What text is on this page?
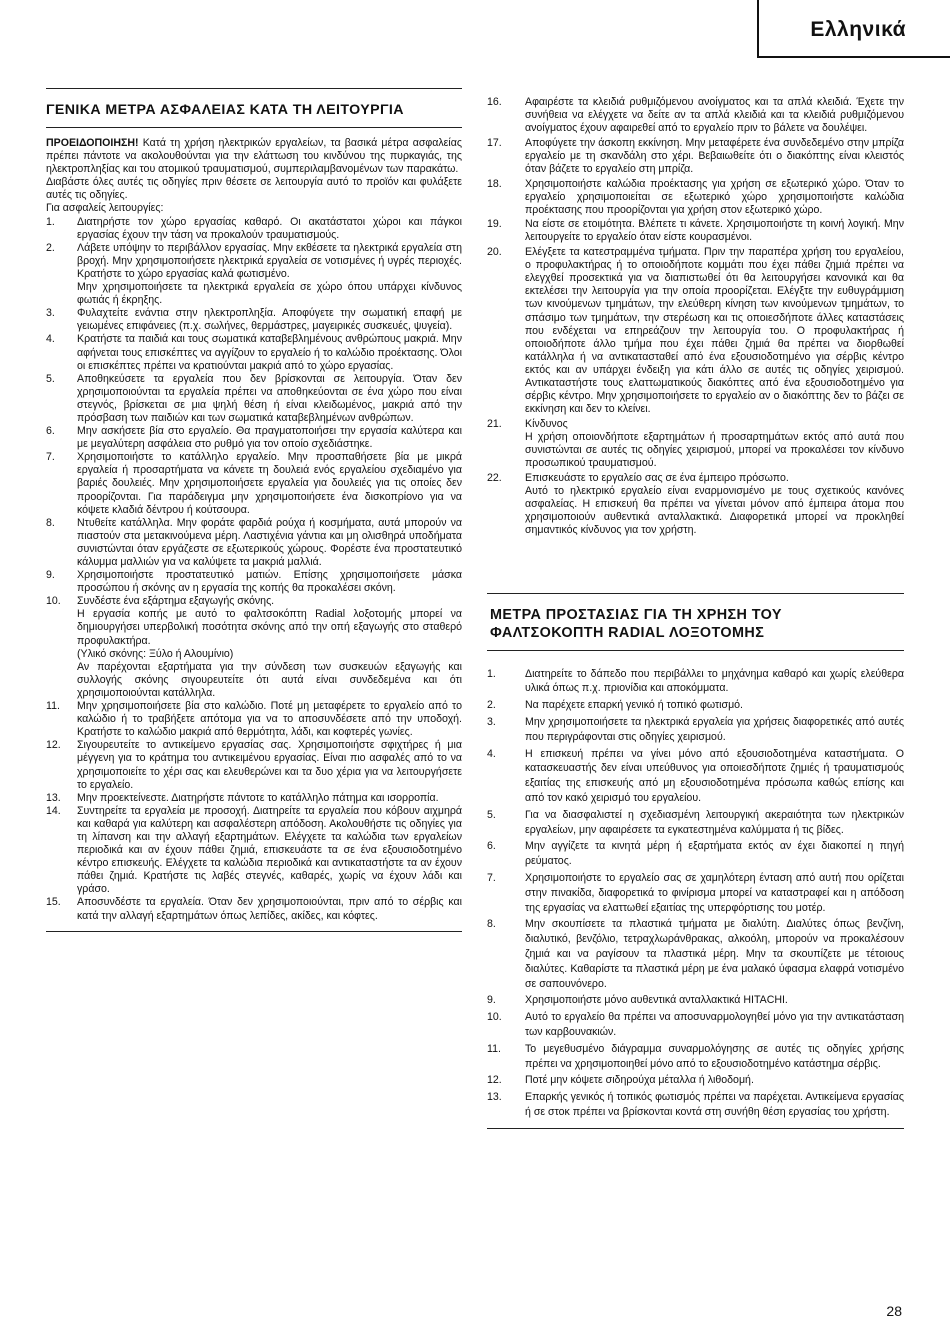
Ελληνικά
ΓΕΝΙΚΑ ΜΕΤΡΑ ΑΣΦΑΛΕΙΑΣ ΚΑΤΑ ΤΗ ΛΕΙΤΟΥΡΓΙΑ

ΠΡΟΕΙΔΟΠΟΙΗΣΗ! Κατά τη χρήση ηλεκτρικών εργαλείων, τα βασικά μέτρα ασφαλείας πρέπει πάντοτε να ακολουθούνται για την ελάττωση του κινδύνου της πυρκαγιάς, της ηλεκτροπληξίας και του ατομικού τραυματισμού, συμπεριλαμβανομένων των παρακάτω.

Διαβάστε όλες αυτές τις οδηγίες πριν θέσετε σε λειτουργία αυτό το προϊόν και φυλάξετε αυτές τις οδηγίες.

Για ασφαλείς λειτουργίες:

1.	Διατηρήστε τον χώρο εργασίας καθαρό. Οι ακατάστατοι χώροι και πάγκοι εργασίας έχουν την τάση να προκαλούν τραυματισμούς.
2.	Λάβετε υπόψην το περιβάλλον εργασίας. Μην εκθέσετε τα ηλεκτρικά εργαλεία στη βροχή. Μην χρησιμοποιήσετε ηλεκτρικά εργαλεία σε νοτισμένες ή υγρές περιοχές. Κρατήστε το χώρο εργασίας καλά φωτισμένο.
Μην χρησιμοποιήσετε τα ηλεκτρικά εργαλεία σε χώρο όπου υπάρχει κίνδυνος φωτιάς ή έκρηξης.
3.	Φυλαχτείτε ενάντια στην ηλεκτροπληξία. Αποφύγετε την σωματική επαφή με γειωμένες επιφάνειες (π.χ. σωλήνες, θερμάστρες, μαγειρικές συσκευές, ψυγεία).
4.	Κρατήστε τα παιδιά και τους σωματικά καταβεβλημένους ανθρώπους μακριά. Μην αφήνεται τους επισκέπτες να αγγίζουν το εργαλείο ή το καλώδιο προέκτασης. Όλοι οι επισκέπτες πρέπει να κρατιούνται μακριά από το χώρο εργασίας.
5.	Αποθηκεύσετε τα εργαλεία που δεν βρίσκονται σε λειτουργία. Όταν δεν χρησιμοποιούνται τα εργαλεία πρέπει να αποθηκεύονται σε ένα χώρο που είναι στεγνός, βρίσκεται σε μια ψηλή θέση ή είναι κλειδωμένος, μακριά από την πρόσβαση των παιδιών και των σωματικά καταβεβλημένων ανθρώπων.
6.	Μην ασκήσετε βία στο εργαλείο. Θα πραγματοποιήσει την εργασία καλύτερα και με μεγαλύτερη ασφάλεια στο ρυθμό για τον οποίο σχεδιάστηκε.
7.	Χρησιμοποιήστε το κατάλληλο εργαλείο. Μην προσπαθήσετε βία με μικρά εργαλεία ή προσαρτήματα να κάνετε τη δουλειά ενός εργαλείου σχεδιαμένο για βαριές δουλειές. Μην χρησιμοποιήσετε εργαλεία για δουλειές για τις οποίες δεν προορίζονται. Για παράδειγμα μην χρησιμοποιήσετε ένα δισκοπρίονο για να κόψετε κλαδιά δέντρου ή κούτσουρα.
8.	Ντυθείτε κατάλληλα. Μην φοράτε φαρδιά ρούχα ή κοσμήματα, αυτά μπορούν να πιαστούν στα μετακινούμενα μέρη. Λαστιχένια γάντια και μη ολισθηρά υποδήματα συνιστώνται όταν εργάζεστε σε εξωτερικούς χώρους. Φορέστε ένα προστατευτικό κάλυμμα μαλλιών για να καλύψετε τα μακριά μαλλιά.
9.	Χρησιμοποιήστε προστατευτικό ματιών. Επίσης χρησιμοποιήσετε μάσκα προσώπου ή σκόνης αν η εργασία της κοπής θα προκαλέσει σκόνη.
10.	Συνδέστε ένα εξάρτημα εξαγωγής σκόνης.
Η εργασία κοπής με αυτό το φαλτσοκόπτη Radial λοξοτομής μπορεί να δημιουργήσει υπερβολική ποσότητα σκόνης από την οπή εξαγωγής στο σταθερό προφυλακτήρα.
(Υλικό σκόνης: Ξύλο ή Αλουμίνιο)
Αν παρέχονται εξαρτήματα για την σύνδεση των συσκευών εξαγωγής και συλλογής σκόνης σιγουρευτείτε ότι αυτά είναι συνδεδεμένα και ότι χρησιμοποιούνται κατάλληλα.
11.	Μην χρησιμοποιήσετε βία στο καλώδιο. Ποτέ μη μεταφέρετε το εργαλείο από το καλώδιο ή το τραβήξετε απότομα για να το αποσυνδέσετε από την υποδοχή. Κρατήστε το καλώδιο μακριά από θερμότητα, λάδι, και κοφτερές γωνίες.
12.	Σιγουρευτείτε το αντικείμενο εργασίας σας. Χρησιμοποιήστε σφιχτήρες ή μια μέγγενη για το κράτημα του αντικειμένου εργασίας. Είναι πιο ασφαλές από το να χρησιμοποιείτε το χέρι σας και ελευθερώνει και τα δυο χέρια για να λειτουργήσετε το εργαλείο.
13.	Μην προεκτείνεστε. Διατηρήστε πάντοτε το κατάλληλο πάτημα και ισορροπία.
14.	Συντηρείτε τα εργαλεία με προσοχή. Διατηρείτε τα εργαλεία που κόβουν αιχμηρά και καθαρά για καλύτερη και ασφαλέστερη απόδοση. Ακολουθήστε τις οδηγίες για τη λίπανση και την αλλαγή εξαρτημάτων. Ελέγχετε τα καλώδια των εργαλείων περιοδικά και αν έχουν πάθει ζημιά, επισκευάστε τα σε ένα εξουσιοδοτημένο κέντρο επισκευής. Ελέγχετε τα καλώδια περιοδικά και αντικαταστήστε τα αν έχουν πάθει ζημιά. Κρατήστε τις λαβές στεγνές, καθαρές, χωρίς να έχουν λάδι και γράσο.
15.	Αποσυνδέστε τα εργαλεία. Όταν δεν χρησιμοποιούνται, πριν από το σέρβις και κατά την αλλαγή εξαρτημάτων όπως λεπίδες, ακίδες, και κόφτες.
16.	Αφαιρέστε τα κλειδιά ρυθμιζόμενου ανοίγματος και τα απλά κλειδιά. Έχετε την συνήθεια να ελέγχετε να δείτε αν τα απλά κλειδιά και τα κλειδιά ρυθμιζόμενου ανοίγματος έχουν αφαιρεθεί από το εργαλείο πριν το βάλετε να δουλέψει.
17.	Αποφύγετε την άσκοπη εκκίνηση. Μην μεταφέρετε ένα συνδεδεμένο στην μπρίζα εργαλείο με τη σκανδάλη στο χέρι. Βεβαιωθείτε ότι ο διακόπτης είναι κλειστός όταν βάζετε το εργαλείο στη μπρίζα.
18.	Χρησιμοποιήστε καλώδια προέκτασης για χρήση σε εξωτερικό χώρο. Όταν το εργαλείο χρησιμοποιείται σε εξωτερικό χώρο χρησιμοποιήστε καλώδια προέκτασης που προορίζονται για χρήση στον εξωτερικό χώρο.
19.	Να είστε σε ετοιμότητα. Βλέπετε τι κάνετε. Χρησιμοποιήστε τη κοινή λογική. Μην λειτουργείτε το εργαλείο όταν είστε κουρασμένοι.
20.	Ελέγξετε τα κατεστραμμένα τμήματα. Πριν την παραπέρα χρήση του εργαλείου, ο προφυλακτήρας ή το οποιοδήποτε κομμάτι που έχει πάθει ζημιά πρέπει να ελεγχθεί προσεκτικά για να διαπιστωθεί ότι θα λειτουργήσει κανονικά και θα εκτελέσει την λειτουργία για την οποία προορίζεται. Ελέγξτε την ευθυγράμμιση των κινούμενων τμημάτων, την ελεύθερη κίνηση των κινούμενων τμημάτων, το σπάσιμο των τμημάτων, την στερέωση και τις οποιεσδήποτε άλλες καταστάσεις που ενδέχεται να επηρεάζουν την λειτουργία του. Ο προφυλακτήρας ή οποιοδήποτε άλλο τμήμα που έχει πάθει ζημιά θα πρέπει να διορθωθεί κατάλληλα ή να αντικατασταθεί από ένα εξουσιοδοτημένο για σέρβις κέντρο εκτός και αν υπάρχει ένδειξη για κάτι άλλο σε αυτές τις οδηγίες χειρισμού. Αντικαταστήστε τους ελαττωματικούς διακόπτες από ένα εξουσιοδοτημένο για σέρβις κέντρο. Μην χρησιμοποιήσετε το εργαλείο αν ο διακόπτης δεν το βάζει σε εκκίνηση και δεν το κλείνει.
21.	Κίνδυνος
Η χρήση οποιονδήποτε εξαρτημάτων ή προσαρτημάτων εκτός από αυτά που συνιστώνται σε αυτές τις οδηγίες χειρισμού, μπορεί να προκαλέσει τον κίνδυνο προσωπικού τραυματισμού.
22.	Επισκευάστε το εργαλείο σας σε ένα έμπειρο πρόσωπο.
Αυτό το ηλεκτρικό εργαλείο είναι εναρμονισμένο με τους σχετικούς κανόνες ασφαλείας. Η επισκευή θα πρέπει να γίνεται μόνον από έμπειρα άτομα που χρησιμοποιούν αυθεντικά ανταλλακτικά. Διαφορετικά μπορεί να προκληθεί σημαντικός κίνδυνος για τον χρήστη.
ΜΕΤΡΑ ΠΡΟΣΤΑΣΙΑΣ ΓΙΑ ΤΗ ΧΡΗΣΗ ΤΟΥ
ΦΑΛΤΣΟΚΟΠΤΗ RADIAL ΛΟΞΟΤΟΜΗΣ
1.	Διατηρείτε το δάπεδο που περιβάλλει το μηχάνημα καθαρό και χωρίς ελεύθερα υλικά όπως π.χ. πριονίδια και αποκόμματα.
2.	Να παρέχετε επαρκή γενικό ή τοπικό φωτισμό.
3.	Μην χρησιμοποιήσετε τα ηλεκτρικά εργαλεία για χρήσεις διαφορετικές από αυτές που περιγράφονται στις οδηγίες χειρισμού.
4.	Η επισκευή πρέπει να γίνει μόνο από εξουσιοδοτημένα καταστήματα. Ο κατασκευαστής δεν είναι υπεύθυνος για οποιεσδήποτε ζημιές ή τραυματισμούς εξαιτίας της επισκευής από μη εξουσιοδοτημένα πρόσωπα καθώς επίσης και από τον κακό χειρισμό του εργαλείου.
5.	Για να διασφαλιστεί η σχεδιασμένη λειτουργική ακεραιότητα των ηλεκτρικών εργαλείων, μην αφαιρέσετε τα εγκατεστημένα καλύμματα ή τις βίδες.
6.	Μην αγγίζετε τα κινητά μέρη ή εξαρτήματα εκτός αν έχει διακοπεί η πηγή ρεύματος.
7.	Χρησιμοποιήστε το εργαλείο σας σε χαμηλότερη ένταση από αυτή που ορίζεται στην πινακίδα, διαφορετικά το φινίρισμα μπορεί να καταστραφεί και η απόδοση της εργασίας να ελαττωθεί εξαιτίας της υπερφόρτισης του μοτέρ.
8.	Μην σκουπίσετε τα πλαστικά τμήματα με διαλύτη. Διαλύτες όπως βενζίνη, διαλυτικό, βενζόλιο, τετραχλωράνθρακας, αλκοόλη, μπορούν να προκαλέσουν ζημιά και να ραγίσουν τα πλαστικά μέρη. Μην τα σκουπίζετε με τέτοιους διαλύτες. Καθαρίστε τα πλαστικά μέρη με ένα μαλακό ύφασμα ελαφρά νοτισμένο σε σαπουνόνερο.
9.	Χρησιμοποιήστε μόνο αυθεντικά ανταλλακτικά HITACHI.
10.	Αυτό το εργαλείο θα πρέπει να αποσυναρμολογηθεί μόνο για την αντικατάσταση των καρβουνακιών.
11.	Το μεγεθυσμένο διάγραμμα συναρμολόγησης σε αυτές τις οδηγίες χρήσης πρέπει να χρησιμοποιηθεί μόνο από το εξουσιοδοτημένο κατάστημα σέρβις.
12.	Ποτέ μην κόψετε σιδηρούχα μέταλλα ή λιθοδομή.
13.	Επαρκής γενικός ή τοπικός φωτισμός πρέπει να παρέχεται. Αντικείμενα εργασίας ή σε στοκ πρέπει να βρίσκονται κοντά στη συνήθη θέση εργασίας του χρήστη.
28
